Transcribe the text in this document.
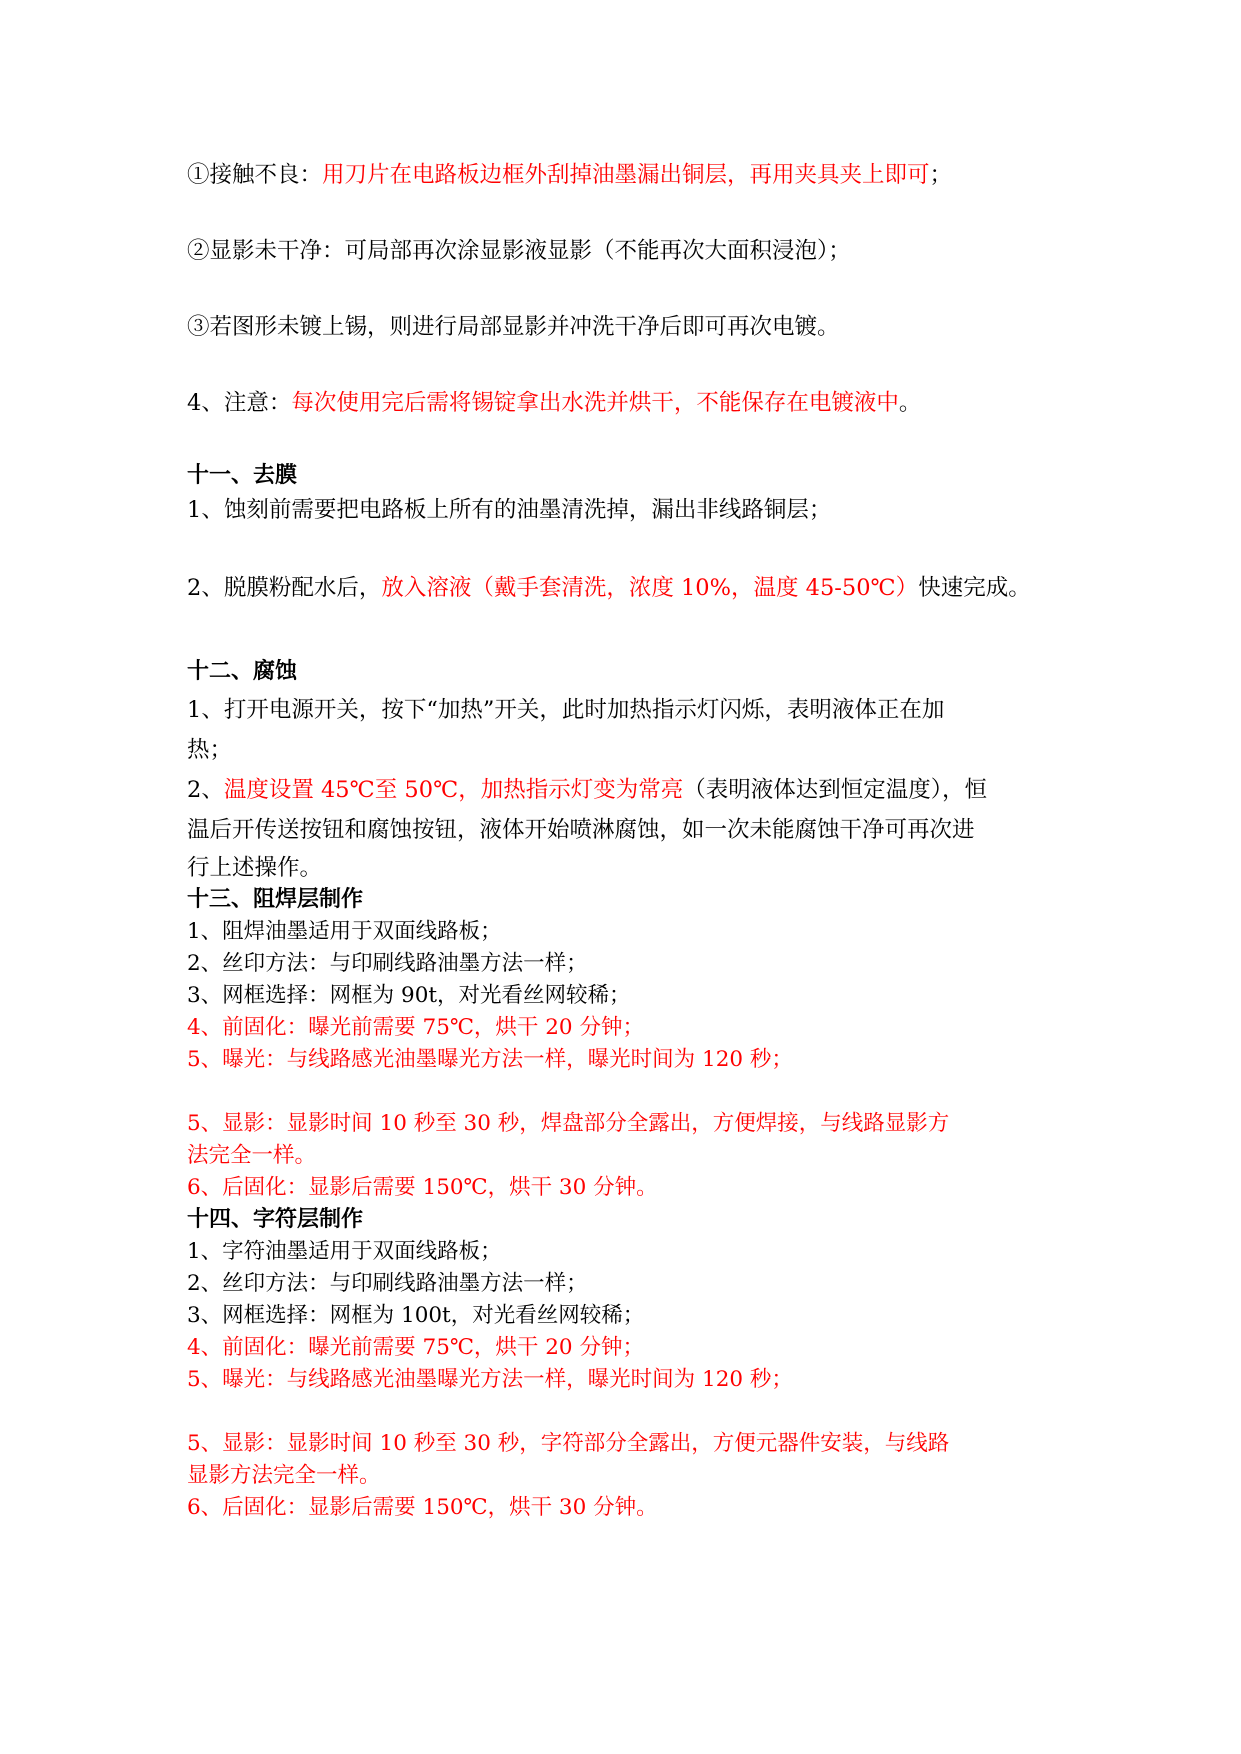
①接触不良：用刀片在电路板边框外刮掉油墨漏出铜层，再用夹具夹上即可；
②显影未干净：可局部再次涂显影液显影（不能再次大面积浸泡）；
③若图形未镀上锡，则进行局部显影并冲洗干净后即可再次电镀。
4、注意：每次使用完后需将锡锭拿出水洗并烘干，不能保存在电镀液中。
十一、去膜
1、蚀刻前需要把电路板上所有的油墨清洗掉，漏出非线路铜层；
2、脱膜粉配水后，放入溶液（戴手套清洗，浓度 10%，温度 45-50℃）快速完成。
十二、腐蚀
1、打开电源开关，按下“加热”开关，此时加热指示灯闪烁，表明液体正在加
热；
2、温度设置 45℃至 50℃，加热指示灯变为常亮（表明液体达到恒定温度），恒
温后开传送按钮和腐蚀按钮，液体开始喷淋腐蚀，如一次未能腐蚀干净可再次进
行上述操作。
十三、阻焊层制作
1、阻焊油墨适用于双面线路板；
2、丝印方法：与印刷线路油墨方法一样；
3、网框选择：网框为 90t，对光看丝网较稀；
4、前固化：曝光前需要 75℃，烘干 20 分钟；
5、曝光：与线路感光油墨曝光方法一样，曝光时间为 120 秒；
5、显影：显影时间 10 秒至 30 秒，焊盘部分全露出，方便焊接，与线路显影方
法完全一样。
6、后固化：显影后需要 150℃，烘干 30 分钟。
十四、字符层制作
1、字符油墨适用于双面线路板；
2、丝印方法：与印刷线路油墨方法一样；
3、网框选择：网框为 100t，对光看丝网较稀；
4、前固化：曝光前需要 75℃，烘干 20 分钟；
5、曝光：与线路感光油墨曝光方法一样，曝光时间为 120 秒；
5、显影：显影时间 10 秒至 30 秒，字符部分全露出，方便元器件安装，与线路
显影方法完全一样。
6、后固化：显影后需要 150℃，烘干 30 分钟。
